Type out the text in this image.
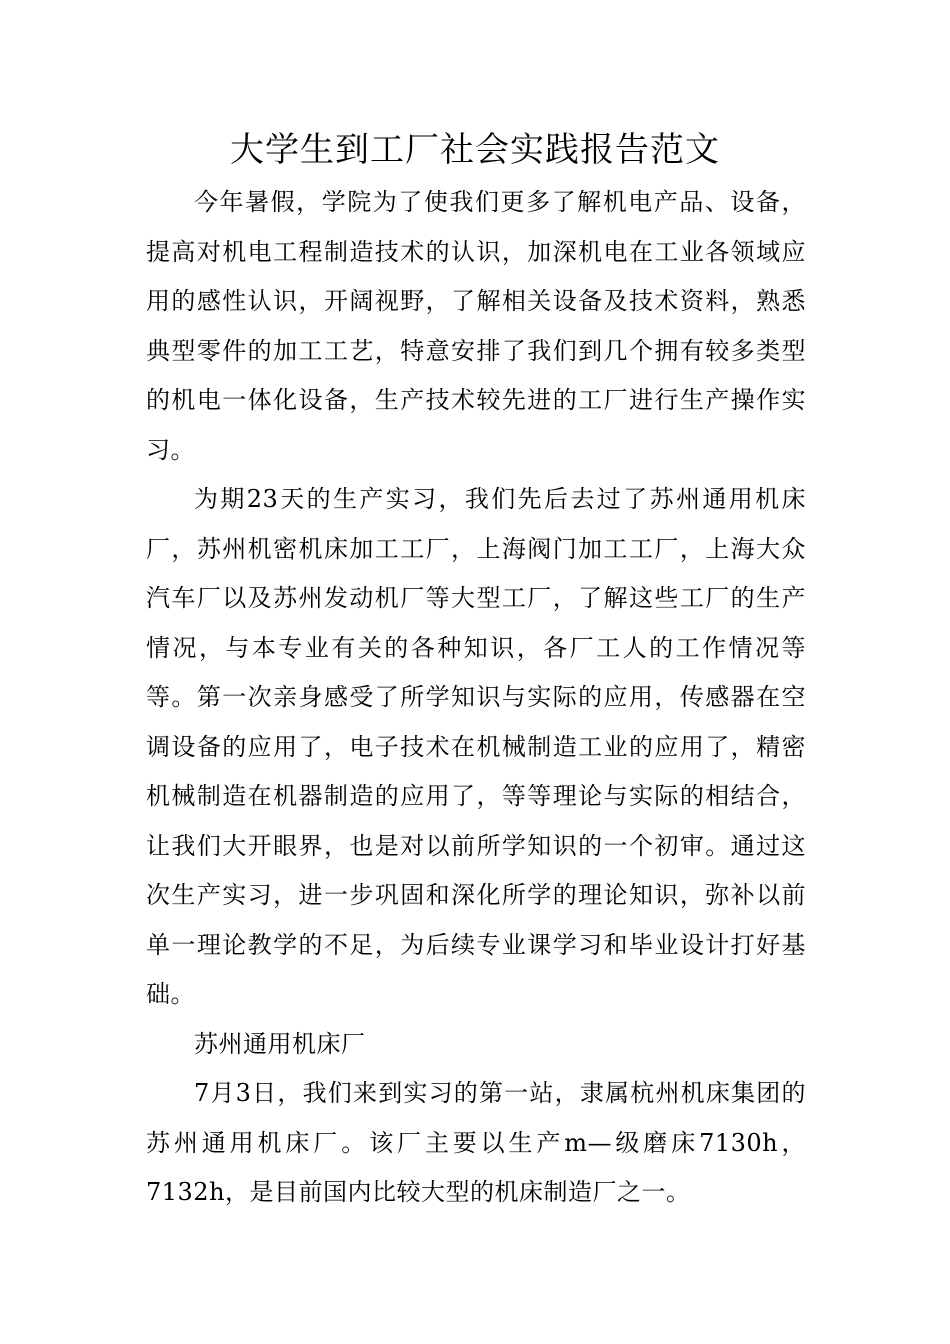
大学生到工厂社会实践报告范文

今年暑假，学院为了使我们更多了解机电产品、设备，提高对机电工程制造技术的认识，加深机电在工业各领域应用的感性认识，开阔视野，了解相关设备及技术资料，熟悉典型零件的加工工艺，特意安排了我们到几个拥有较多类型的机电一体化设备，生产技术较先进的工厂进行生产操作实习。

为期23天的生产实习，我们先后去过了苏州通用机床厂，苏州机密机床加工工厂，上海阀门加工工厂，上海大众汽车厂以及苏州发动机厂等大型工厂，了解这些工厂的生产情况，与本专业有关的各种知识，各厂工人的工作情况等等。第一次亲身感受了所学知识与实际的应用，传感器在空调设备的应用了，电子技术在机械制造工业的应用了，精密机械制造在机器制造的应用了，等等理论与实际的相结合，让我们大开眼界，也是对以前所学知识的一个初审。通过这次生产实习，进一步巩固和深化所学的理论知识，弥补以前单一理论教学的不足，为后续专业课学习和毕业设计打好基础。

苏州通用机床厂

7月3日，我们来到实习的第一站，隶属杭州机床集团的苏州通用机床厂。该厂主要以生产m—级磨床7130h，7132h，是目前国内比较大型的机床制造厂之一。
